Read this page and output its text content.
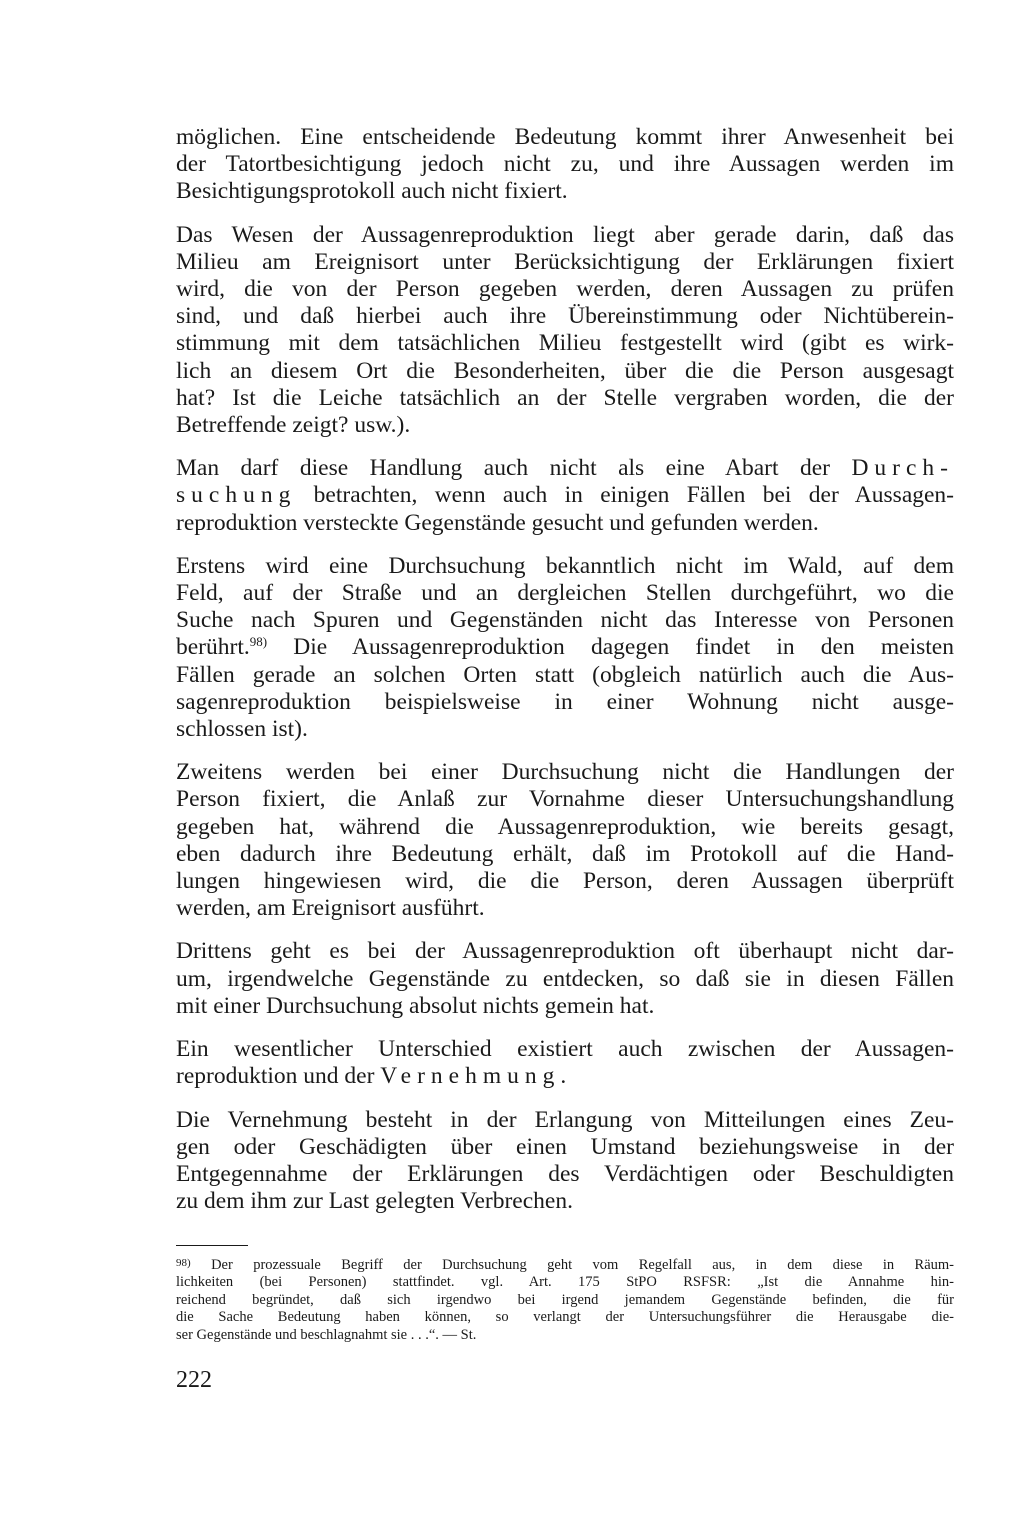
möglichen. Eine entscheidende Bedeutung kommt ihrer Anwesenheit bei
der Tatortbesichtigung jedoch nicht zu, und ihre Aussagen werden im
Besichtigungsprotokoll auch nicht fixiert.

Das Wesen der Aussagenreproduktion liegt aber gerade darin, daß das
Milieu am Ereignisort unter Berücksichtigung der Erklärungen fixiert
wird, die von der Person gegeben werden, deren Aussagen zu prüfen
sind, und daß hierbei auch ihre Übereinstimmung oder Nichtüberein-
stimmung mit dem tatsächlichen Milieu festgestellt wird (gibt es wirk-
lich an diesem Ort die Besonderheiten, über die die Person ausgesagt
hat? Ist die Leiche tatsächlich an der Stelle vergraben worden, die der
Betreffende zeigt? usw.).

Man darf diese Handlung auch nicht als eine Abart der Durch-
suchung betrachten, wenn auch in einigen Fällen bei der Aussagen-
reproduktion versteckte Gegenstände gesucht und gefunden werden.

Erstens wird eine Durchsuchung bekanntlich nicht im Wald, auf dem
Feld, auf der Straße und an dergleichen Stellen durchgeführt, wo die
Suche nach Spuren und Gegenständen nicht das Interesse von Personen
berührt.$^{98)}$ Die Aussagenreproduktion dagegen findet in den meisten
Fällen gerade an solchen Orten statt (obgleich natürlich auch die Aus-
sagenreproduktion beispielsweise in einer Wohnung nicht ausge-
schlossen ist).

Zweitens werden bei einer Durchsuchung nicht die Handlungen der
Person fixiert, die Anlaß zur Vornahme dieser Untersuchungshandlung
gegeben hat, während die Aussagenreproduktion, wie bereits gesagt,
eben dadurch ihre Bedeutung erhält, daß im Protokoll auf die Hand-
lungen hingewiesen wird, die die Person, deren Aussagen überprüft
werden, am Ereignisort ausführt.

Drittens geht es bei der Aussagenreproduktion oft überhaupt nicht dar-
um, irgendwelche Gegenstände zu entdecken, so daß sie in diesen Fällen
mit einer Durchsuchung absolut nichts gemein hat.

Ein wesentlicher Unterschied existiert auch zwischen der Aussagen-
reproduktion und der Vernehmung.

Die Vernehmung besteht in der Erlangung von Mitteilungen eines Zeu-
gen oder Geschädigten über einen Umstand beziehungsweise in der
Entgegennahme der Erklärungen des Verdächtigen oder Beschuldigten
zu dem ihm zur Last gelegten Verbrechen.

$^{98)}$ Der prozessuale Begriff der Durchsuchung geht vom Regelfall aus, in dem diese in Räum-
lichkeiten (bei Personen) stattfindet. vgl. Art. 175 StPO RSFSR: „Ist die Annahme hin-
reichend begründet, daß sich irgendwo bei irgend jemandem Gegenstände befinden, die für
die Sache Bedeutung haben können, so verlangt der Untersuchungsführer die Herausgabe die-
ser Gegenstände und beschlagnahmt sie . . .“. — St.
222
